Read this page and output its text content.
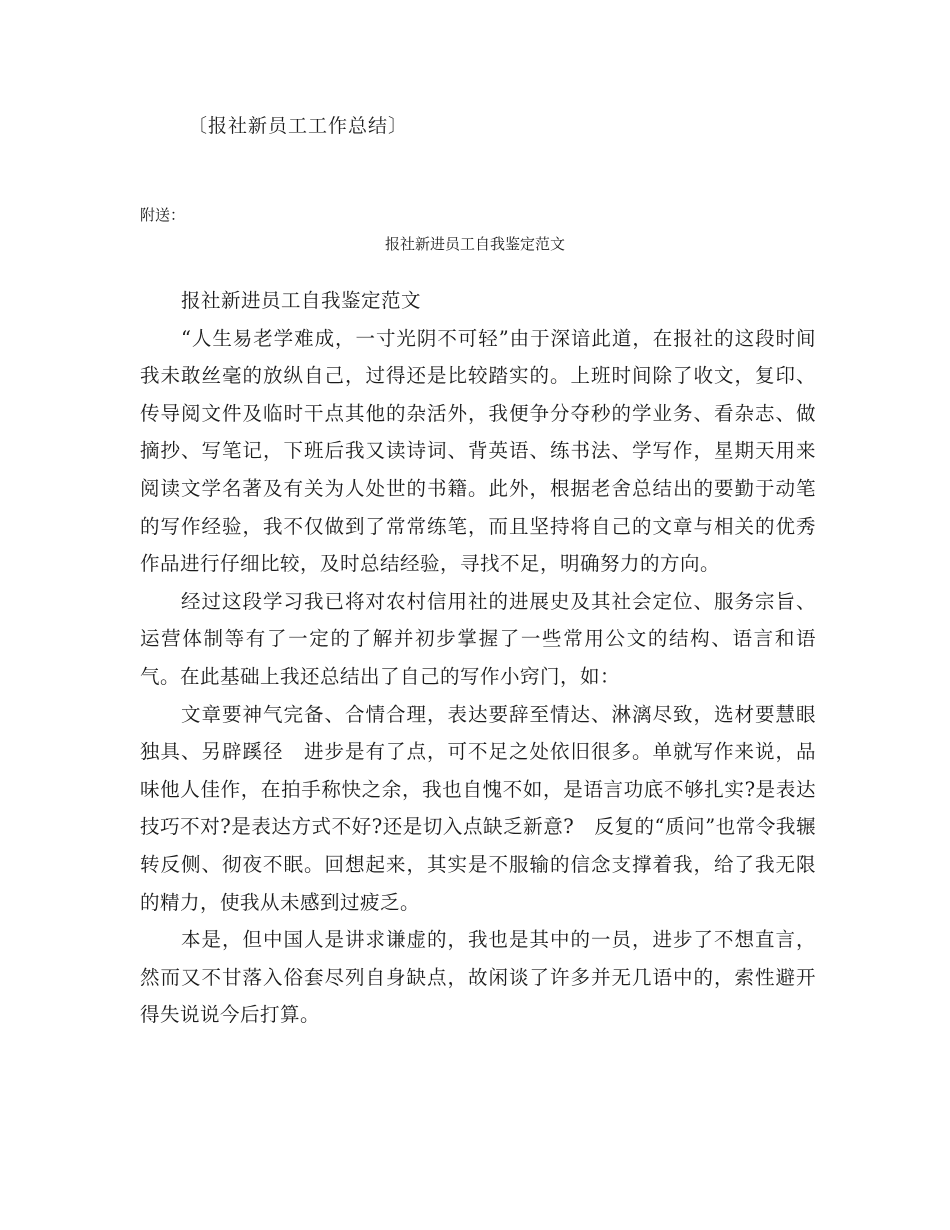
〔报社新员工工作总结〕
附送：
报社新进员工自我鉴定范文

报社新进员工自我鉴定范文

“人生易老学难成，一寸光阴不可轻”由于深谙此道，在报社的这段时间我未敢丝毫的放纵自己，过得还是比较踏实的。上班时间除了收文，复印、传导阅文件及临时干点其他的杂活外，我便争分夺秒的学业务、看杂志、做摘抄、写笔记，下班后我又读诗词、背英语、练书法、学写作，星期天用来阅读文学名著及有关为人处世的书籍。此外，根据老舍总结出的要勤于动笔的写作经验，我不仅做到了常常练笔，而且坚持将自己的文章与相关的优秀作品进行仔细比较，及时总结经验，寻找不足，明确努力的方向。

经过这段学习我已将对农村信用社的进展史及其社会定位、服务宗旨、运营体制等有了一定的了解并初步掌握了一些常用公文的结构、语言和语气。在此基础上我还总结出了自己的写作小窍门，如：

文章要神气完备、合情合理，表达要辞至情达、淋漓尽致，选材要慧眼独具、另辟蹊径　进步是有了点，可不足之处依旧很多。单就写作来说，品味他人佳作，在拍手称快之余，我也自愧不如，是语言功底不够扎实?是表达技巧不对?是表达方式不好?还是切入点缺乏新意?　反复的“质问”也常令我辗转反侧、彻夜不眠。回想起来，其实是不服输的信念支撑着我，给了我无限的精力，使我从未感到过疲乏。

本是，但中国人是讲求谦虚的，我也是其中的一员，进步了不想直言，然而又不甘落入俗套尽列自身缺点，故闲谈了许多并无几语中的，索性避开得失说说今后打算。
